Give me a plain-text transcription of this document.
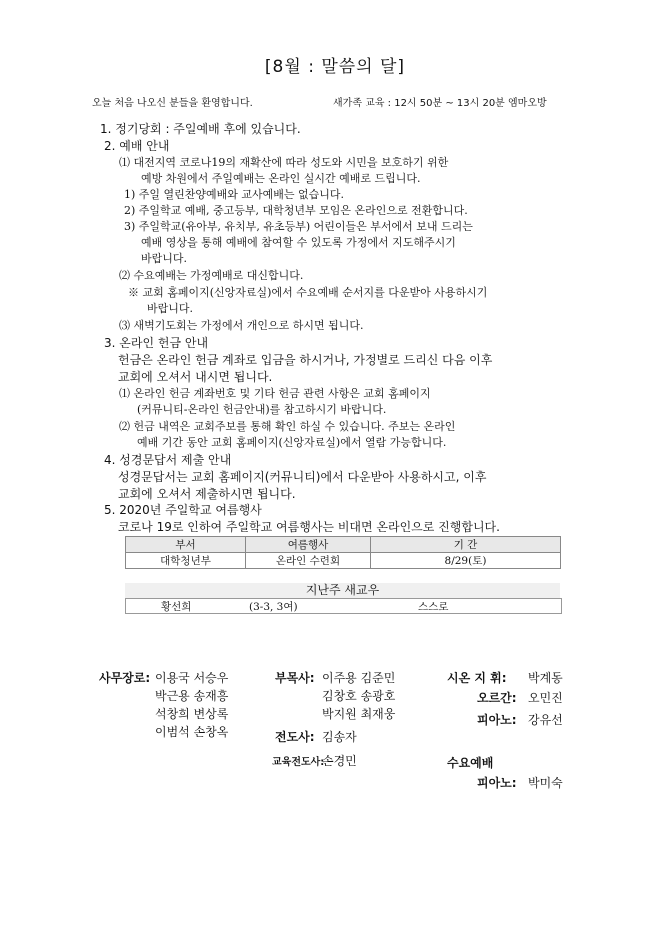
[8월 : 말씀의 달]
오늘 처음 나오신 분들을 환영합니다.	새가족 교육 : 12시 50분 ~ 13시 20분 엠마오방
1. 정기당회 : 주일예배 후에 있습니다.
2. 예배 안내
⑴ 대전지역 코로나19의 재확산에 따라 성도와 시민을 보호하기 위한
예방 차원에서 주일예배는 온라인 실시간 예배로 드립니다.
1) 주일 열린찬양예배와 교사예배는 없습니다.
2) 주일학교 예배, 중고등부, 대학청년부 모임은 온라인으로 전환합니다.
3) 주일학교(유아부, 유치부, 유초등부) 어린이들은 부서에서 보내 드리는
예배 영상을 통해 예배에 참여할 수 있도록 가정에서 지도해주시기
바랍니다.
⑵ 수요예배는 가정예배로 대신합니다.
※ 교회 홈페이지(신앙자료실)에서 수요예배 순서지를 다운받아 사용하시기
바랍니다.
⑶ 새벽기도회는 가정에서 개인으로 하시면 됩니다.
3. 온라인 헌금 안내
헌금은 온라인 헌금 계좌로 입금을 하시거나, 가정별로 드리신 다음 이후
교회에 오셔서 내시면 됩니다.
⑴ 온라인 헌금 계좌번호 및 기타 헌금 관련 사항은 교회 홈페이지
(커뮤니티-온라인 헌금안내)를 참고하시기 바랍니다.
⑵ 헌금 내역은 교회주보를 통해 확인 하실 수 있습니다. 주보는 온라인
예배 기간 동안 교회 홈페이지(신앙자료실)에서 열람 가능합니다.
4. 성경문답서 제출 안내
성경문답서는 교회 홈페이지(커뮤니티)에서 다운받아 사용하시고, 이후
교회에 오셔서 제출하시면 됩니다.
5. 2020년 주일학교 여름행사
코로나 19로 인하여 주일학교 여름행사는 비대면 온라인으로 진행합니다.
부서	여름행사	기 간
대학청년부	온라인 수련회	8/29(토)
지난주 새교우
황선희	(3-3, 3여)	스스로
사무장로: 이용국 서승우
박근용 송재흥
석창희 변상록
이범석 손창옥
부목사: 이주용 김준민
김창호 송광호
박지원 최재웅
전도사: 김송자
교육전도사:
손경민
시온 지 휘: 박계동
오르간: 오민진
피아노: 강유선
수요예배
피아노: 박미숙
